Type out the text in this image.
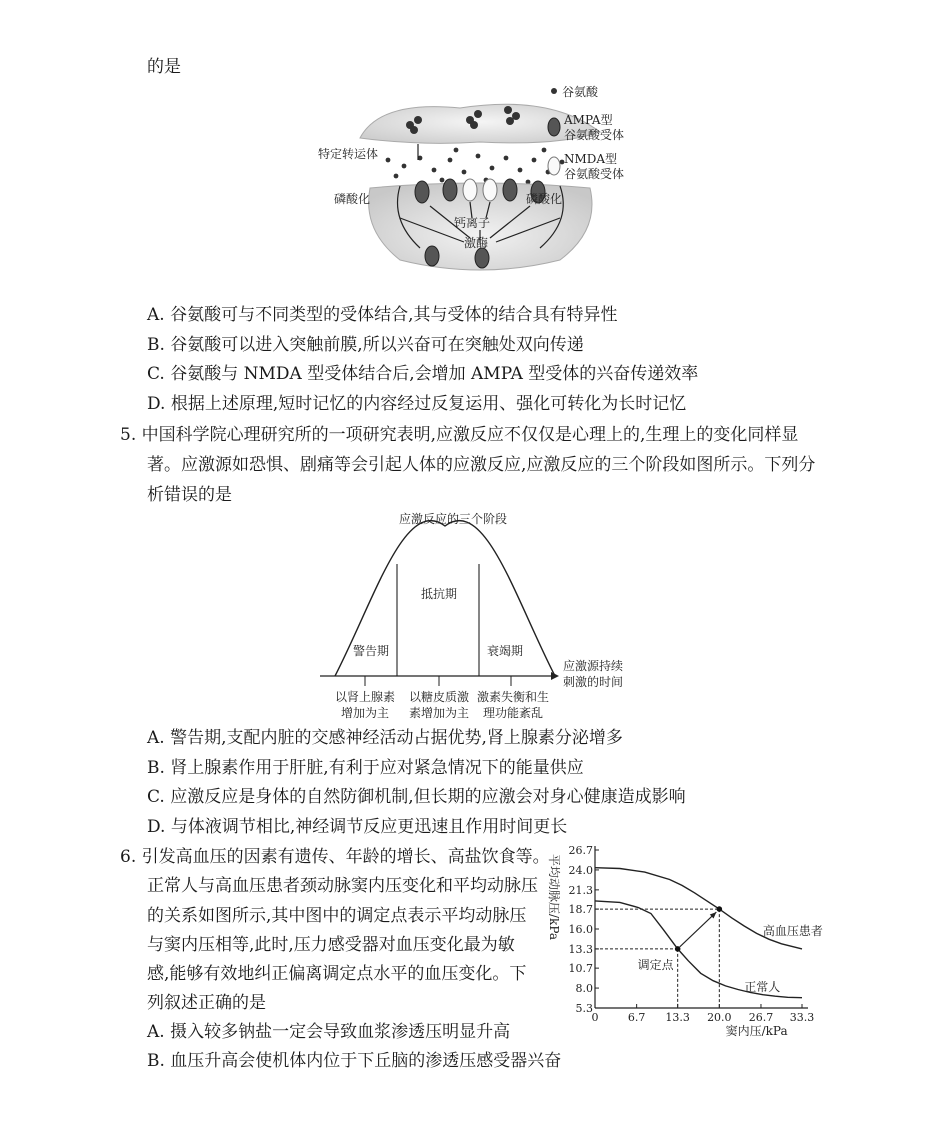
的是
谷氨酸
AMPA型
谷氨酸受体
NMDA型
谷氨酸受体
特定转运体
磷酸化	磷酸化
钙离子
激酶
A. 谷氨酸可与不同类型的受体结合,其与受体的结合具有特异性
B. 谷氨酸可以进入突触前膜,所以兴奋可在突触处双向传递
C. 谷氨酸与 NMDA 型受体结合后,会增加 AMPA 型受体的兴奋传递效率
D. 根据上述原理,短时记忆的内容经过反复运用、强化可转化为长时记忆
5. 中国科学院心理研究所的一项研究表明,应激反应不仅仅是心理上的,生理上的变化同样显
著。应激源如恐惧、剧痛等会引起人体的应激反应,应激反应的三个阶段如图所示。下列分
析错误的是
应激反应的三个阶段
警告期
抵抗期
衰竭期
应激源持续
刺激的时间
以肾上腺素
增加为主
以糖皮质激
素增加为主
激素失衡和生
理功能紊乱
A. 警告期,支配内脏的交感神经活动占据优势,肾上腺素分泌增多
B. 肾上腺素作用于肝脏,有利于应对紧急情况下的能量供应
C. 应激反应是身体的自然防御机制,但长期的应激会对身心健康造成影响
D. 与体液调节相比,神经调节反应更迅速且作用时间更长
6. 引发高血压的因素有遗传、年龄的增长、高盐饮食等。
正常人与高血压患者颈动脉窦内压变化和平均动脉压
的关系如图所示,其中图中的调定点表示平均动脉压
与窦内压相等,此时,压力感受器对血压变化最为敏
感,能够有效地纠正偏离调定点水平的血压变化。下
列叙述正确的是
A. 摄入较多钠盐一定会导致血浆渗透压明显升高
B. 血压升高会使机体内位于下丘脑的渗透压感受器兴奋
5.3
8.0
10.7
13.3
16.0
18.7
21.3
24.0
26.7
0	6.7 13.3 20.0 26.7 33.3
平均动脉压/kPa
窦内压/kPa
调定点
高血压患者
正常人
